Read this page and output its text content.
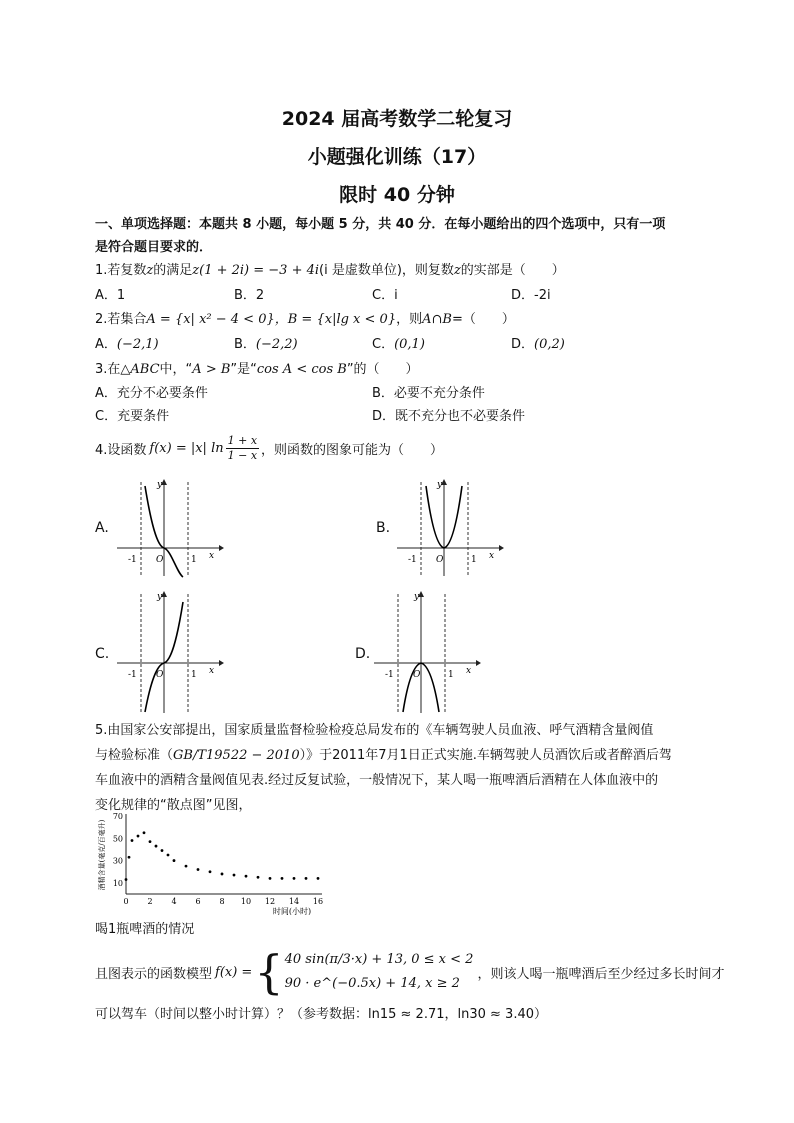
2024 届高考数学二轮复习
小题强化训练（17）
限时 40 分钟
一、单项选择题：本题共 8 小题，每小题 5 分，共 40 分．在每小题给出的四个选项中，只有一项
是符合题目要求的．
1.若复数z的满足z(1 + 2i) = −3 + 4i(i 是虚数单位)，则复数z的实部是（　　）
A．1	B．2	C．i	D．-2i
2.若集合A = {x| x² − 4 < 0}，B = {x|lg x < 0}，则A∩B=（　　）
A．(−2,1)	B．(−2,2)	C．(0,1)	D．(0,2)
3.在△ABC中，“A > B”是“cos A < cos B”的（　　）
A．充分不必要条件	B．必要不充分条件
C．充要条件	D．既不充分也不必要条件
4.设函数 f(x) = |x| ln
1 + x
1 − x ，则函数的图象可能为（　　）
A.	B.
C.	D.
O
-1	1 x
y
O
-1	1 x
y
O
-1	1 x
y
O
-1	1 x
y
5.由国家公安部提出，国家质量监督检验检疫总局发布的《车辆驾驶人员血液、呼气酒精含量阀值
与检验标准（GB/T19522 − 2010）》于2011年7月1日正式实施.车辆驾驶人员酒饮后或者醉酒后驾
车血液中的酒精含量阀值见表.经过反复试验，一般情况下，某人喝一瓶啤酒后酒精在人体血液中的
变化规律的“散点图”见图，
0 2 4 6 8 10 12 14 16
10
30
50
70
时间(小时)
酒精含量(毫克/百毫升)
喝1瓶啤酒的情况
且图表示的函数模型 f(x) = { 40 sin(π/3·x) + 13, 0 ≤ x < 2
90 · e^(−0.5x) + 14, x ≥ 2
，则该人喝一瓶啤酒后至少经过多长时间才
可以驾车（时间以整小时计算）？（参考数据：ln15 ≈ 2.71，ln30 ≈ 3.40）
